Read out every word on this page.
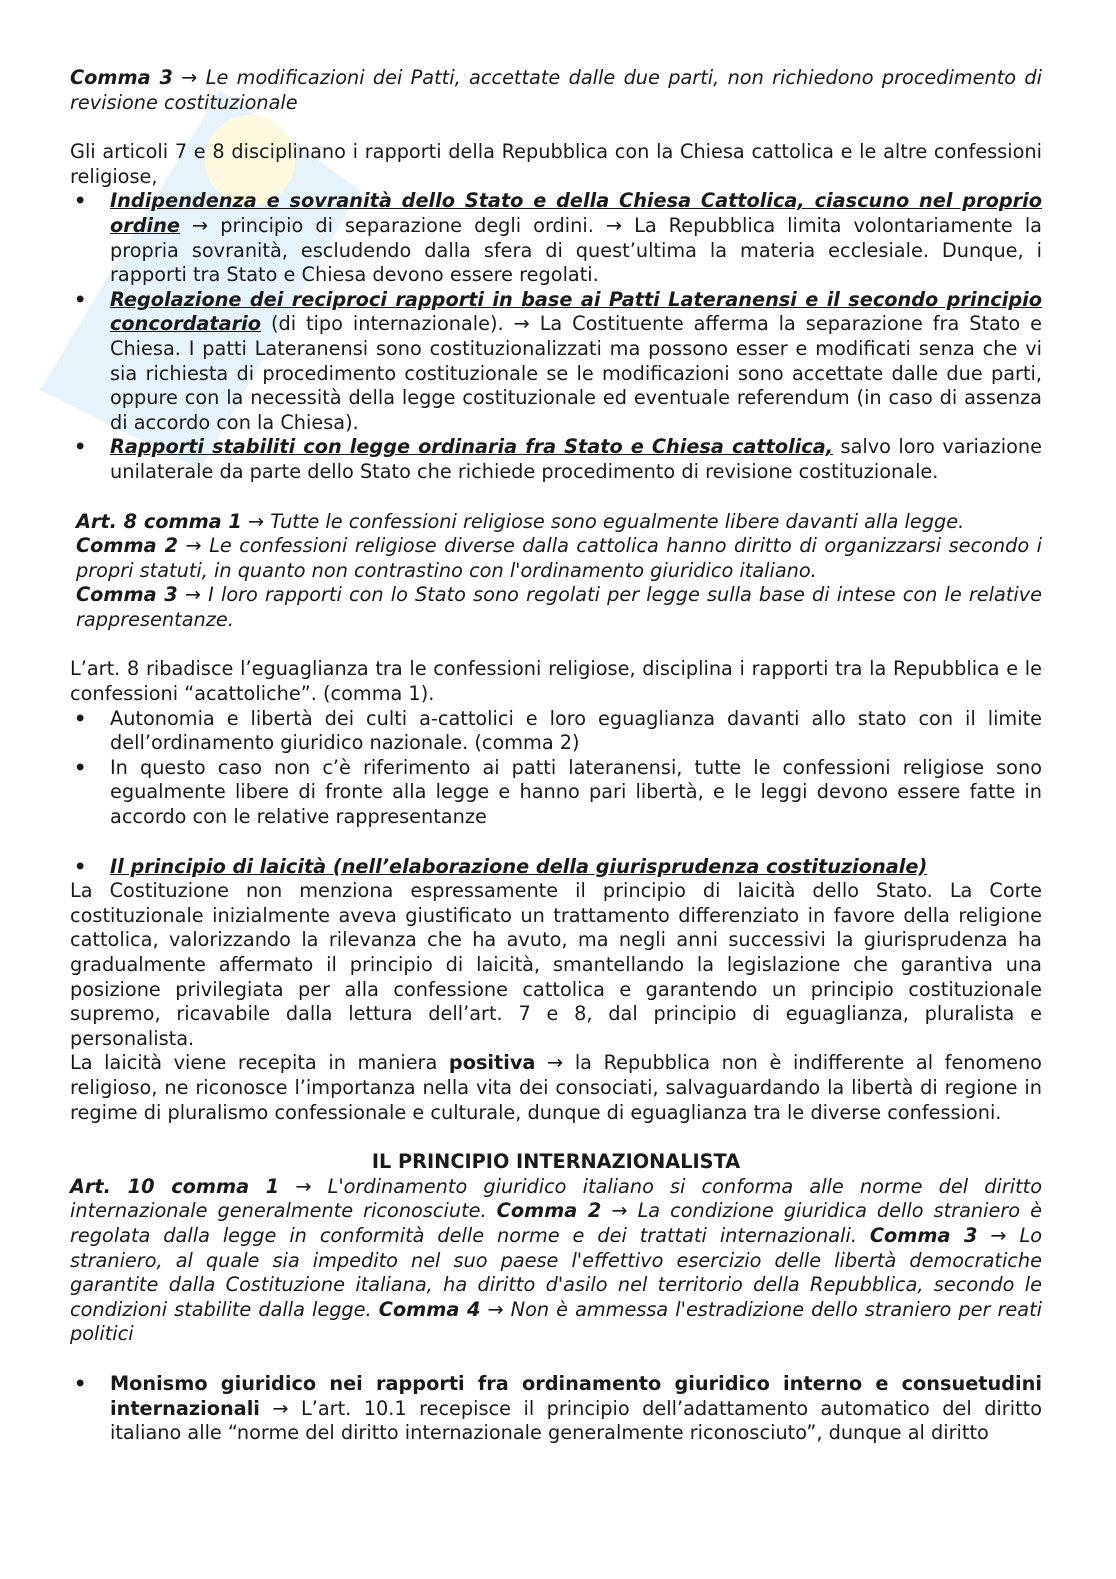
Comma 3 → Le modificazioni dei Patti, accettate dalle due parti, non richiedono procedimento di revisione costituzionale

Gli articoli 7 e 8 disciplinano i rapporti della Repubblica con la Chiesa cattolica e le altre confessioni religiose,

• Indipendenza e sovranità dello Stato e della Chiesa Cattolica, ciascuno nel proprio ordine → principio di separazione degli ordini. → La Repubblica limita volontariamente la propria sovranità, escludendo dalla sfera di quest’ultima la materia ecclesiale. Dunque, i rapporti tra Stato e Chiesa devono essere regolati.
• Regolazione dei reciproci rapporti in base ai Patti Lateranensi e il secondo principio concordatario (di tipo internazionale). → La Costituente afferma la separazione fra Stato e Chiesa. I patti Lateranensi sono costituzionalizzati ma possono esser e modificati senza che vi sia richiesta di procedimento costituzionale se le modificazioni sono accettate dalle due parti, oppure con la necessità della legge costituzionale ed eventuale referendum (in caso di assenza di accordo con la Chiesa).
• Rapporti stabiliti con legge ordinaria fra Stato e Chiesa cattolica, salvo loro variazione unilaterale da parte dello Stato che richiede procedimento di revisione costituzionale.

Art. 8 comma 1 → Tutte le confessioni religiose sono egualmente libere davanti alla legge.

Comma 2 → Le confessioni religiose diverse dalla cattolica hanno diritto di organizzarsi secondo i propri statuti, in quanto non contrastino con l'ordinamento giuridico italiano.

Comma 3 → I loro rapporti con lo Stato sono regolati per legge sulla base di intese con le relative rappresentanze.

L’art. 8 ribadisce l’eguaglianza tra le confessioni religiose, disciplina i rapporti tra la Repubblica e le confessioni “acattoliche”. (comma 1).

• Autonomia e libertà dei culti a-cattolici e loro eguaglianza davanti allo stato con il limite dell’ordinamento giuridico nazionale. (comma 2)
• In questo caso non c’è riferimento ai patti lateranensi, tutte le confessioni religiose sono egualmente libere di fronte alla legge e hanno pari libertà, e le leggi devono essere fatte in accordo con le relative rappresentanze
• Il principio di laicità (nell’elaborazione della giurisprudenza costituzionale)

La Costituzione non menziona espressamente il principio di laicità dello Stato. La Corte costituzionale inizialmente aveva giustificato un trattamento differenziato in favore della religione cattolica, valorizzando la rilevanza che ha avuto, ma negli anni successivi la giurisprudenza ha gradualmente affermato il principio di laicità, smantellando la legislazione che garantiva una posizione privilegiata per alla confessione cattolica e garantendo un principio costituzionale supremo, ricavabile dalla lettura dell’art. 7 e 8, dal principio di eguaglianza, pluralista e personalista.

La laicità viene recepita in maniera positiva → la Repubblica non è indifferente al fenomeno religioso, ne riconosce l’importanza nella vita dei consociati, salvaguardando la libertà di regione in regime di pluralismo confessionale e culturale, dunque di eguaglianza tra le diverse confessioni.

IL PRINCIPIO INTERNAZIONALISTA

Art. 10 comma 1 → L'ordinamento giuridico italiano si conforma alle norme del diritto internazionale generalmente riconosciute. Comma 2 → La condizione giuridica dello straniero è regolata dalla legge in conformità delle norme e dei trattati internazionali. Comma 3 → Lo straniero, al quale sia impedito nel suo paese l'effettivo esercizio delle libertà democratiche garantite dalla Costituzione italiana, ha diritto d'asilo nel territorio della Repubblica, secondo le condizioni stabilite dalla legge. Comma 4 → Non è ammessa l'estradizione dello straniero per reati politici

• Monismo giuridico nei rapporti fra ordinamento giuridico interno e consuetudini internazionali → L’art. 10.1 recepisce il principio dell’adattamento automatico del diritto italiano alle “norme del diritto internazionale generalmente riconosciuto”, dunque al diritto
